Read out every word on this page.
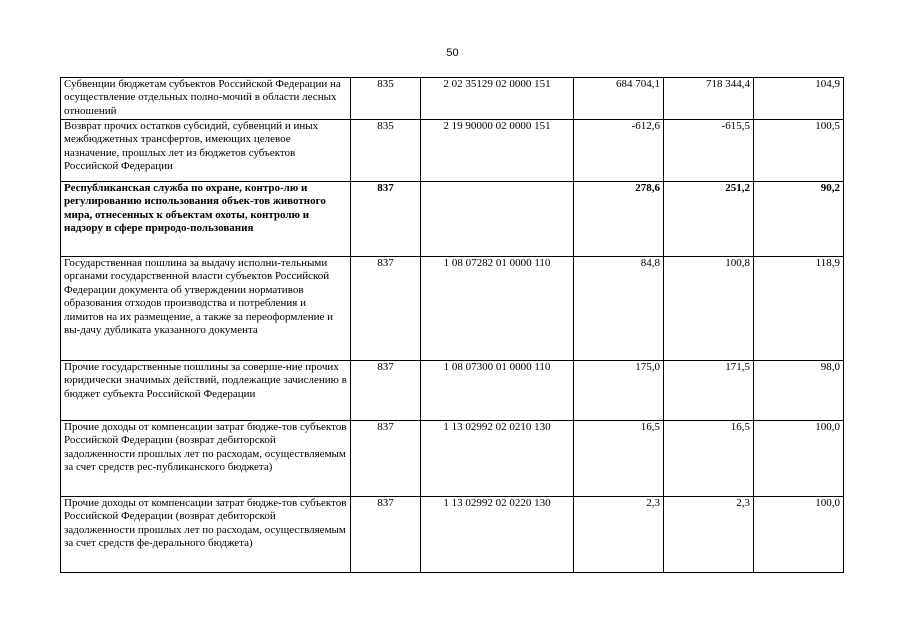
50
Субвенции бюджетам субъектов Российской Федерации на осуществление отдельных полно-мочий в области лесных отношений	835	2 02 35129 02 0000 151	684 704,1	718 344,4	104,9
Возврат прочих остатков субсидий, субвенций и иных межбюджетных трансфертов, имеющих целевое назначение, прошлых лет из бюджетов субъектов Российской Федерации	835	2 19 90000 02 0000 151	-612,6	-615,5	100,5
Республиканская служба по охране, контро-лю и регулированию использования объек-тов животного мира, отнесенных к объектам охоты, контролю и надзору в сфере природо-пользования	837		278,6	251,2	90,2
Государственная пошлина за выдачу исполни-тельными органами государственной власти субъектов Российской Федерации документа об утверждении нормативов образования отходов производства и потребления и лимитов на их размещение, а также за переоформление и вы-дачу дубликата указанного документа	837	1 08 07282 01 0000 110	84,8	100,8	118,9
Прочие государственные пошлины за соверше-ние прочих юридически значимых действий, подлежащие зачислению в бюджет субъекта Российской Федерации	837	1 08 07300 01 0000 110	175,0	171,5	98,0
Прочие доходы от компенсации затрат бюдже-тов субъектов Российской Федерации (возврат дебиторской задолженности прошлых лет по расходам, осуществляемым за счет средств рес-публиканского бюджета)	837	1 13 02992 02 0210 130	16,5	16,5	100,0
Прочие доходы от компенсации затрат бюдже-тов субъектов Российской Федерации (возврат дебиторской задолженности прошлых лет по расходам, осуществляемым за счет средств фе-дерального бюджета)	837	1 13 02992 02 0220 130	2,3	2,3	100,0
